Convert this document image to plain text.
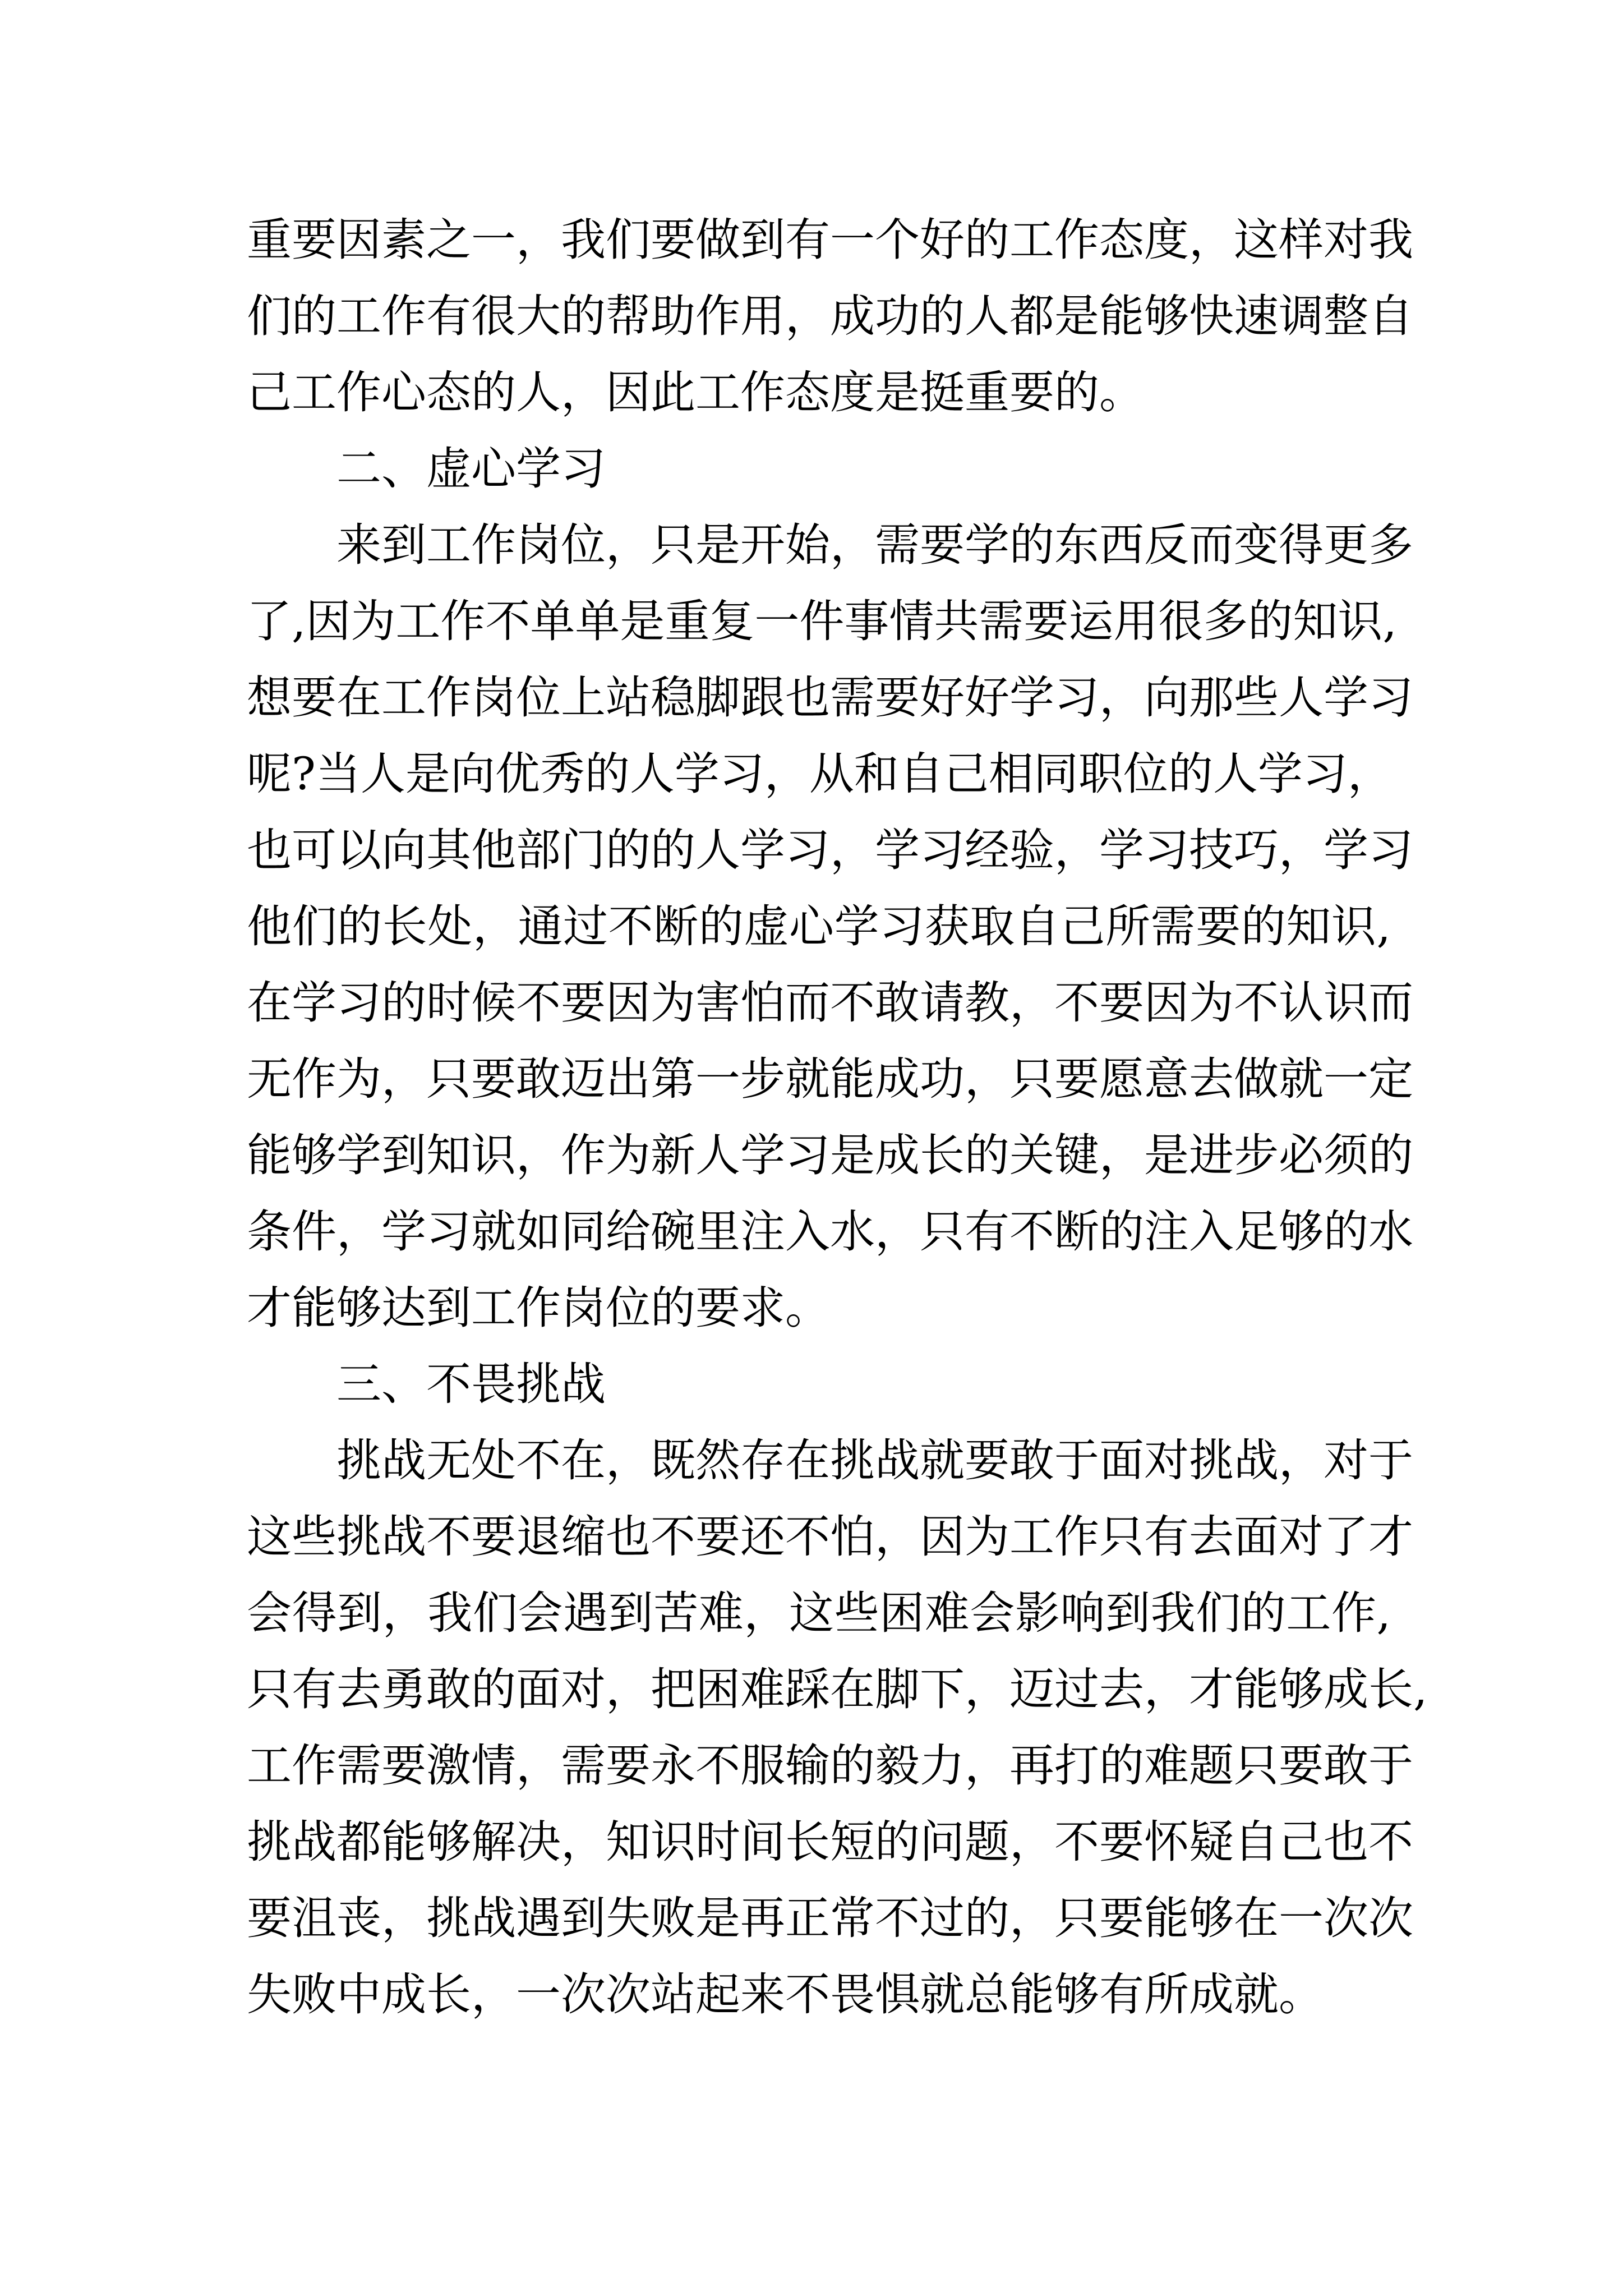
重要因素之一，我们要做到有一个好的工作态度，这样对我
们的工作有很大的帮助作用，成功的人都是能够快速调整自
己工作心态的人，因此工作态度是挺重要的。
二、虚心学习
来到工作岗位，只是开始，需要学的东西反而变得更多
了,因为工作不单单是重复一件事情共需要运用很多的知识,
想要在工作岗位上站稳脚跟也需要好好学习，向那些人学习
呢?当人是向优秀的人学习，从和自己相同职位的人学习，
也可以向其他部门的的人学习，学习经验，学习技巧，学习
他们的长处，通过不断的虚心学习获取自己所需要的知识,
在学习的时候不要因为害怕而不敢请教，不要因为不认识而
无作为，只要敢迈出第一步就能成功，只要愿意去做就一定
能够学到知识，作为新人学习是成长的关键，是进步必须的
条件，学习就如同给碗里注入水，只有不断的注入足够的水
才能够达到工作岗位的要求。
三、不畏挑战
挑战无处不在，既然存在挑战就要敢于面对挑战，对于
这些挑战不要退缩也不要还不怕，因为工作只有去面对了才
会得到，我们会遇到苦难，这些困难会影响到我们的工作,
只有去勇敢的面对，把困难踩在脚下，迈过去，才能够成长,
工作需要激情，需要永不服输的毅力，再打的难题只要敢于
挑战都能够解决，知识时间长短的问题，不要怀疑自己也不
要沮丧，挑战遇到失败是再正常不过的，只要能够在一次次
失败中成长，一次次站起来不畏惧就总能够有所成就。
